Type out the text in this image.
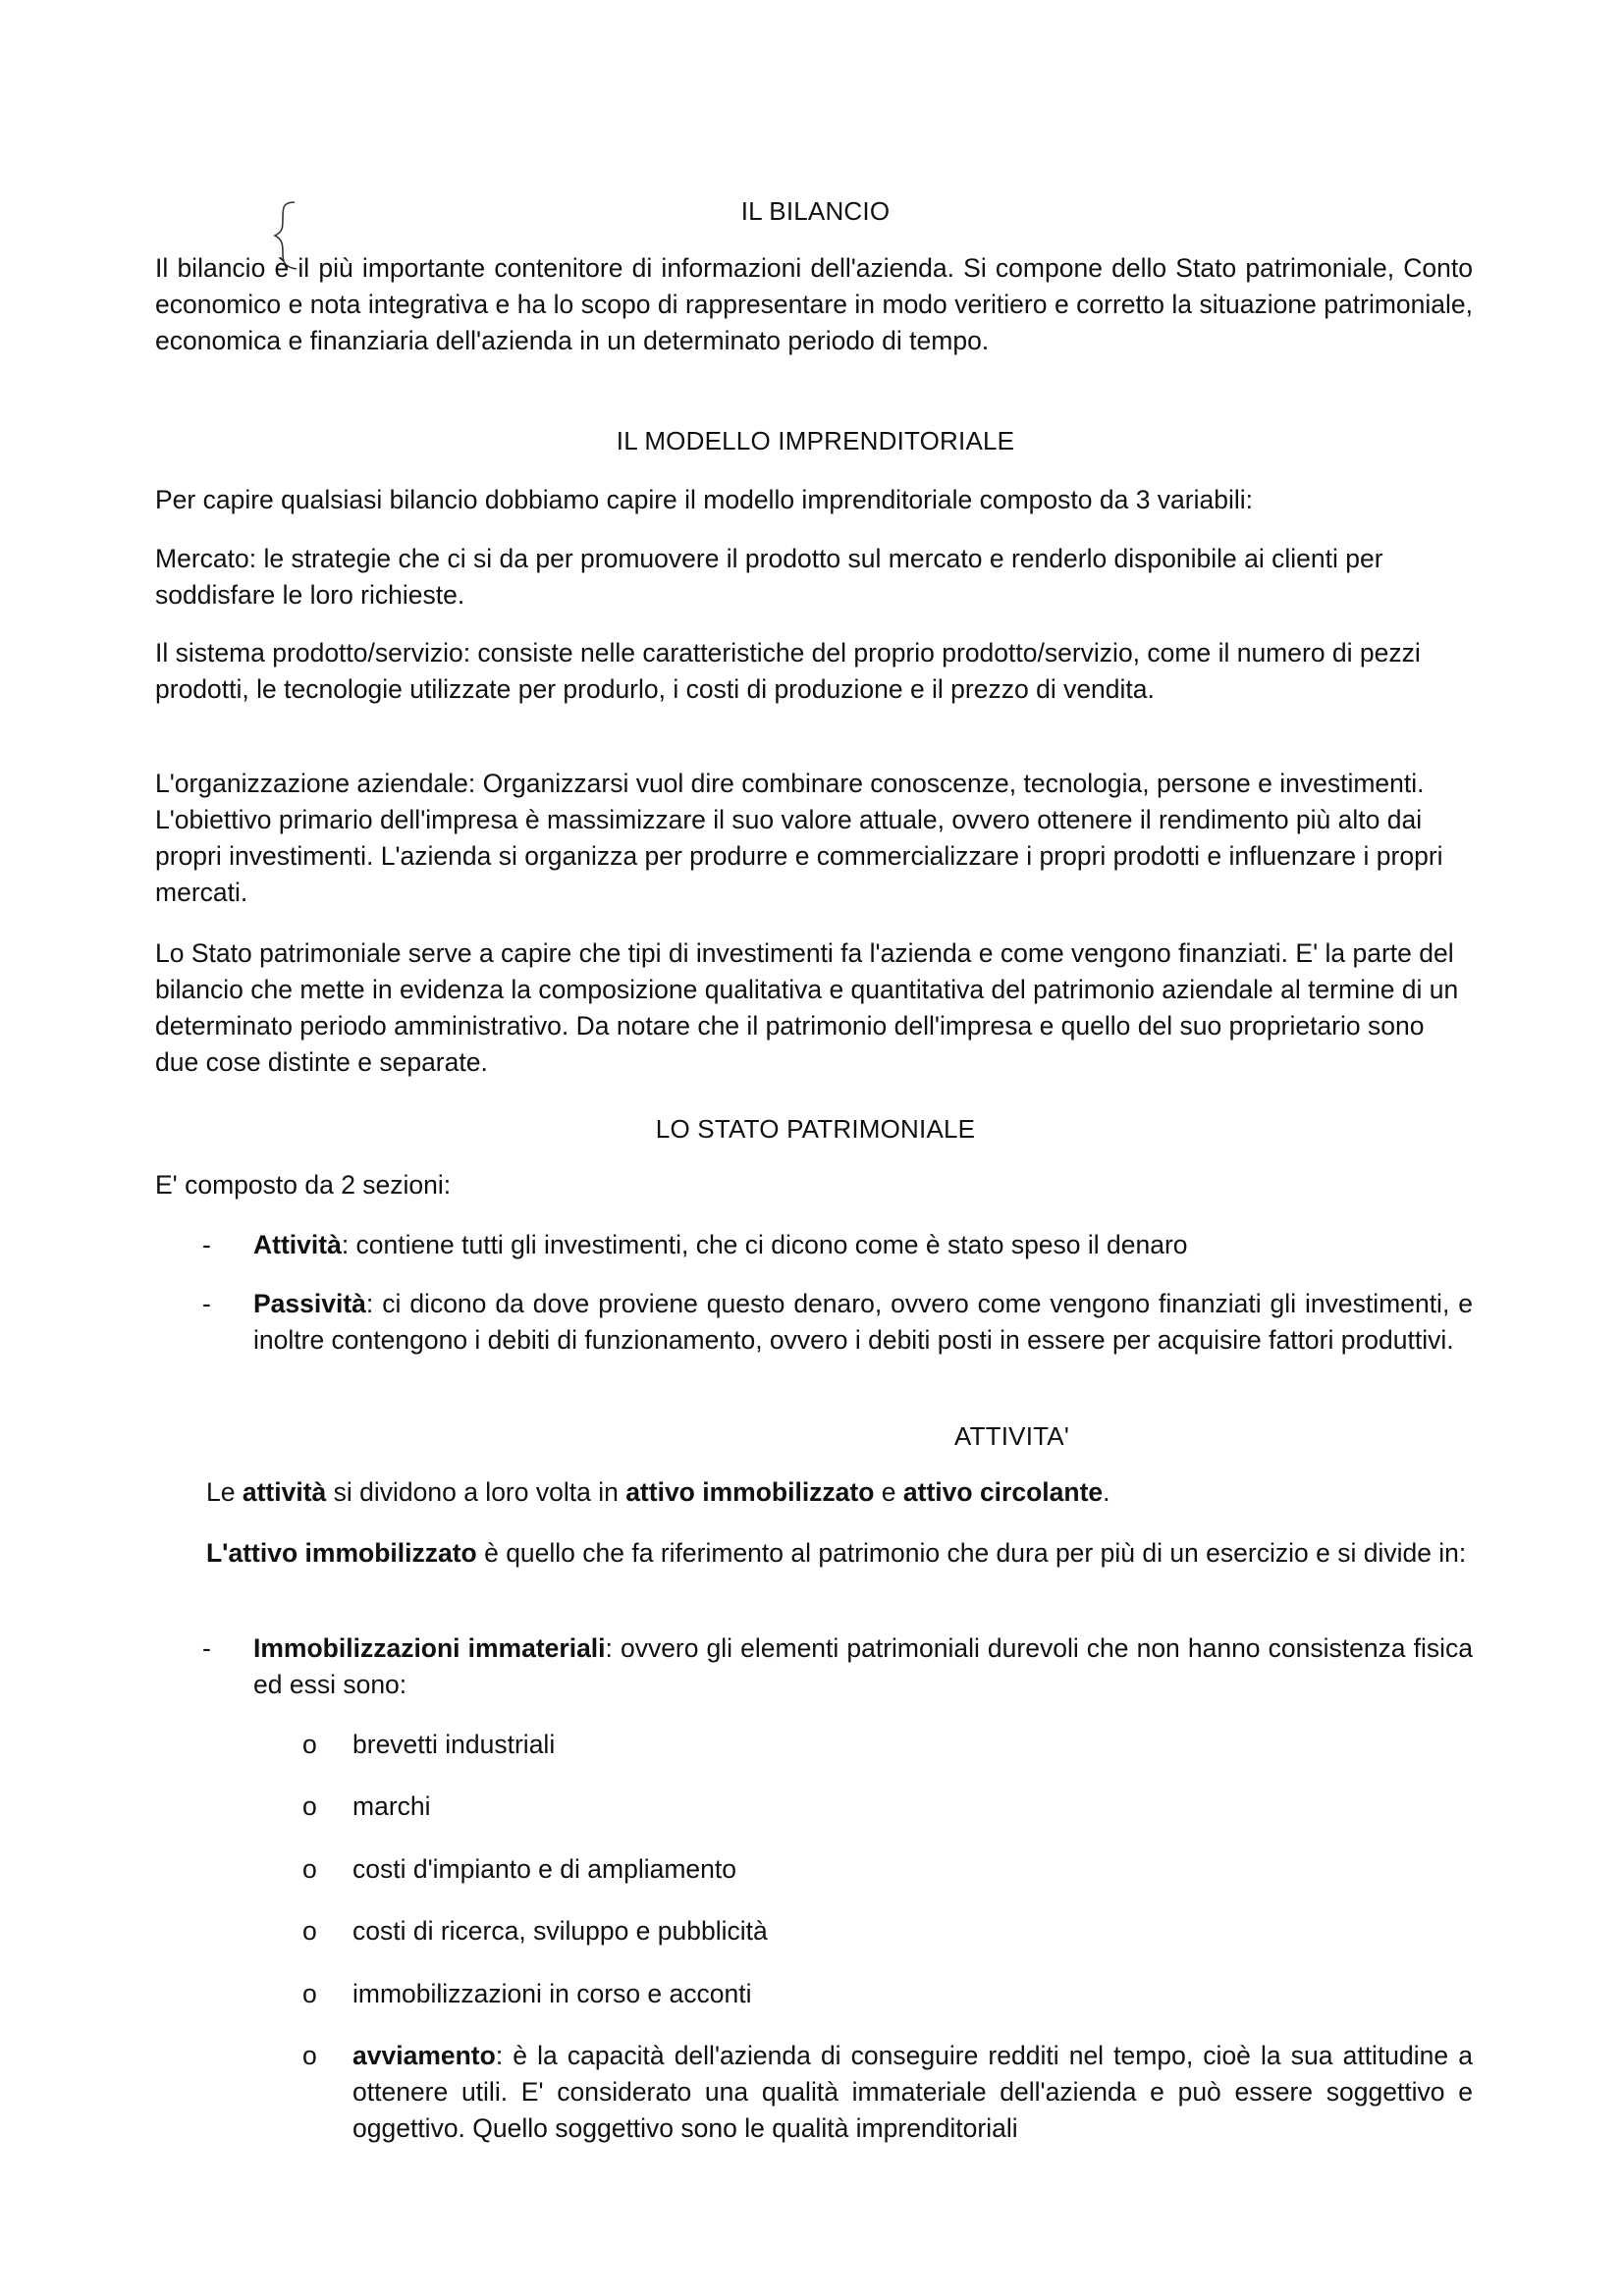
IL BILANCIO

Il bilancio è il più importante contenitore di informazioni dell'azienda. Si compone dello Stato patrimoniale, Conto economico e nota integrativa e ha lo scopo di rappresentare in modo veritiero e corretto la situazione patrimoniale, economica e finanziaria dell'azienda in un determinato periodo di tempo.

IL MODELLO IMPRENDITORIALE

Per capire qualsiasi bilancio dobbiamo capire il modello imprenditoriale composto da 3 variabili:

Mercato: le strategie che ci si da per promuovere il prodotto sul mercato e renderlo disponibile ai clienti per soddisfare le loro richieste.

Il sistema prodotto/servizio: consiste nelle caratteristiche del proprio prodotto/servizio, come il numero di pezzi prodotti, le tecnologie utilizzate per produrlo, i costi di produzione e il prezzo di vendita.

L'organizzazione aziendale: Organizzarsi vuol dire combinare conoscenze, tecnologia, persone e investimenti. L'obiettivo primario dell'impresa è massimizzare il suo valore attuale, ovvero ottenere il rendimento più alto dai propri investimenti. L'azienda si organizza per produrre e commercializzare i propri prodotti e influenzare i propri mercati.

Lo Stato patrimoniale serve a capire che tipi di investimenti fa l'azienda e come vengono finanziati. E' la parte del bilancio che mette in evidenza la composizione qualitativa e quantitativa del patrimonio aziendale al termine di un determinato periodo amministrativo. Da notare che il patrimonio dell'impresa e quello del suo proprietario sono due cose distinte e separate.

LO STATO PATRIMONIALE

E' composto da 2 sezioni:

- Attività: contiene tutti gli investimenti, che ci dicono come è stato speso il denaro

- Passività: ci dicono da dove proviene questo denaro, ovvero come vengono finanziati gli investimenti, e inoltre contengono i debiti di funzionamento, ovvero i debiti posti in essere per acquisire fattori produttivi.

ATTIVITA'

Le attività si dividono a loro volta in attivo immobilizzato e attivo circolante.

L'attivo immobilizzato è quello che fa riferimento al patrimonio che dura per più di un esercizio e si divide in:

- Immobilizzazioni immateriali: ovvero gli elementi patrimoniali durevoli che non hanno consistenza fisica ed essi sono:

o brevetti industriali

o marchi

o costi d'impianto e di ampliamento

o costi di ricerca, sviluppo e pubblicità

o immobilizzazioni in corso e acconti

o avviamento: è la capacità dell'azienda di conseguire redditi nel tempo, cioè la sua attitudine a ottenere utili. E' considerato una qualità immateriale dell'azienda e può essere soggettivo e oggettivo. Quello soggettivo sono le qualità imprenditoriali
